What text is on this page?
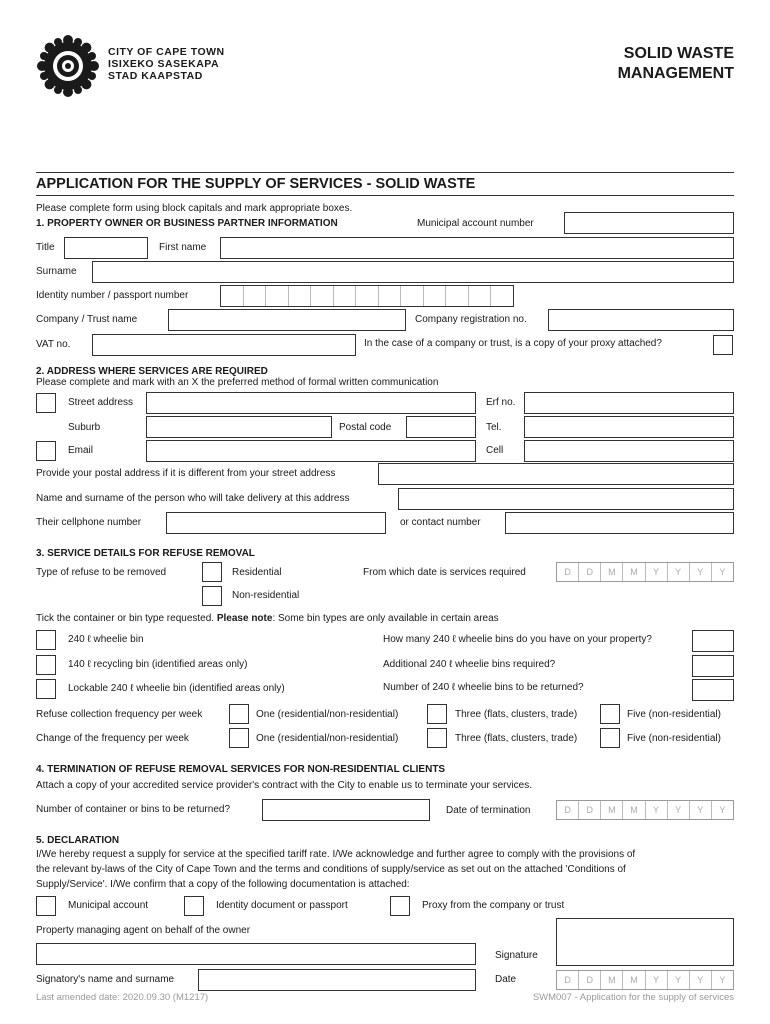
CITY OF CAPE TOWN
ISIXEKO SASEKAPA
STAD KAAPSTAD
SOLID WASTE
MANAGEMENT
APPLICATION FOR THE SUPPLY OF SERVICES - SOLID WASTE
Please complete form using block capitals and mark appropriate boxes.
1. PROPERTY OWNER OR BUSINESS PARTNER INFORMATION	Municipal account number
Title	First name
Surname
Identity number / passport number
Company / Trust name	Company registration no.
VAT no.	In the case of a company or trust, is a copy of your proxy attached?
2. ADDRESS WHERE SERVICES ARE REQUIRED
Please complete and mark with an X the preferred method of formal written communication
Street address	Erf no.
Suburb	Postal code	Tel.
Email	Cell
Provide your postal address if it is different from your street address
Name and surname of the person who will take delivery at this address
Their cellphone number	or contact number
3. SERVICE DETAILS FOR REFUSE REMOVAL
Type of refuse to be removed	Residential	From which date is services required	D	D	M	M	Y	Y	Y	Y
Non-residential
Tick the container or bin type requested. Please note: Some bin types are only available in certain areas
240 ℓ wheelie bin	How many 240 ℓ wheelie bins do you have on your property?
140 ℓ recycling bin (identified areas only)	Additional 240 ℓ wheelie bins required?
Lockable 240 ℓ wheelie bin (identified areas only)	Number of 240 ℓ wheelie bins to be returned?
Refuse collection frequency per week	One (residential/non-residential)	Three (flats, clusters, trade)	Five (non-residential)
Change of the frequency per week	One (residential/non-residential)	Three (flats, clusters, trade)	Five (non-residential)
4. TERMINATION OF REFUSE REMOVAL SERVICES FOR NON-RESIDENTIAL CLIENTS
Attach a copy of your accredited service provider's contract with the City to enable us to terminate your services.
Number of container or bins to be returned?	Date of termination	D	D	M	M	Y	Y	Y	Y
5. DECLARATION
I/We hereby request a supply for service at the specified tariff rate. I/We acknowledge and further agree to comply with the provisions of
the relevant by-laws of the City of Cape Town and the terms and conditions of supply/service as set out on the attached 'Conditions of
Supply/Service'. I/We confirm that a copy of the following documentation is attached:
Municipal account	Identity document or passport	Proxy from the company or trust
Property managing agent on behalf of the owner
Signature
Signatory's name and surname	Date	D	D	M	M	Y	Y	Y	Y
Last amended date: 2020.09.30 (M1217)	SWM007 - Application for the supply of services
